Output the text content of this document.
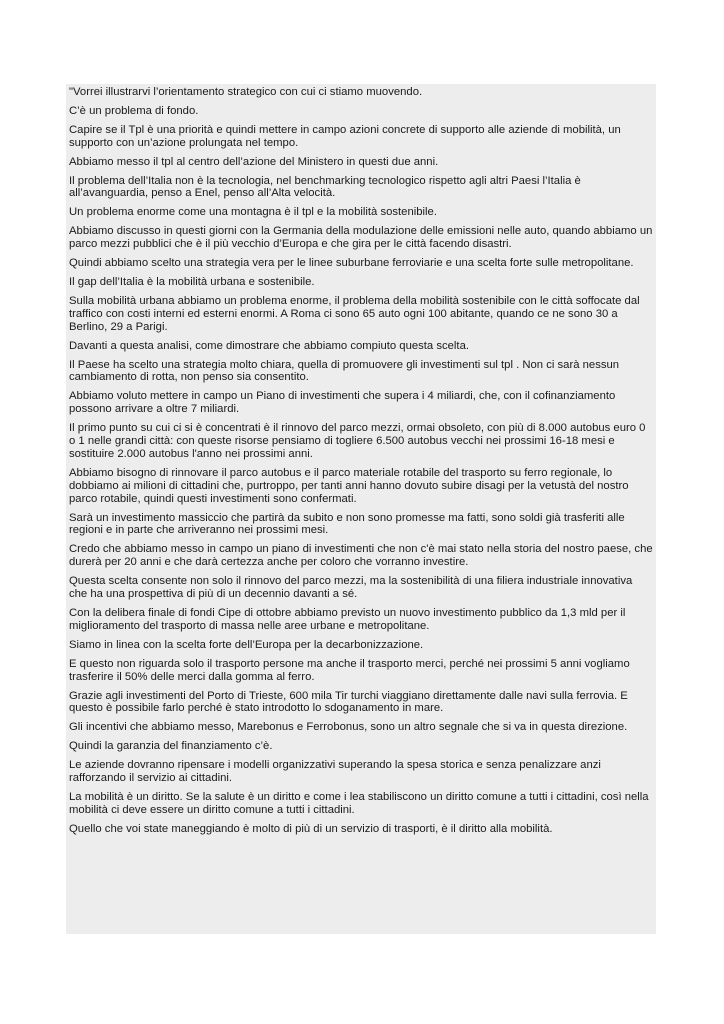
"Vorrei illustrarvi l’orientamento strategico con cui ci stiamo muovendo.

C’è un problema di fondo.

Capire se il Tpl è una priorità e quindi mettere in campo azioni concrete di supporto alle aziende di mobilità, un supporto con un’azione prolungata nel tempo.

Abbiamo messo il tpl al centro dell’azione del Ministero in questi due anni.

Il problema dell’Italia non è la tecnologia, nel benchmarking tecnologico rispetto agli altri Paesi l’Italia è all’avanguardia, penso a Enel, penso all’Alta velocità.

Un problema enorme come una montagna è il tpl e la mobilità sostenibile.

Abbiamo discusso in questi giorni con la Germania della modulazione delle emissioni nelle auto, quando abbiamo un parco mezzi pubblici che è il più vecchio d’Europa e che gira per le città facendo disastri.

Quindi abbiamo scelto una strategia vera per le linee suburbane ferroviarie e una scelta forte sulle metropolitane.

Il gap dell’Italia è la mobilità urbana e sostenibile.

Sulla mobilità urbana abbiamo un problema enorme, il problema della mobilità sostenibile con le città soffocate dal traffico con costi interni ed esterni enormi. A Roma ci sono 65 auto ogni 100 abitante, quando ce ne sono 30 a Berlino, 29 a Parigi.

Davanti a questa analisi, come dimostrare che abbiamo compiuto questa scelta.

Il Paese ha scelto una strategia molto chiara, quella di promuovere gli investimenti sul tpl . Non ci sarà nessun cambiamento di rotta, non penso sia consentito.

Abbiamo voluto mettere in campo un Piano di investimenti che supera i 4 miliardi, che, con il cofinanziamento possono arrivare a oltre 7 miliardi.

Il primo punto su cui ci si è concentrati è il rinnovo del parco mezzi, ormai obsoleto, con più di 8.000 autobus euro 0 o 1 nelle grandi città: con queste risorse pensiamo di togliere 6.500 autobus vecchi nei prossimi 16-18 mesi e sostituire 2.000 autobus l'anno nei prossimi anni.

Abbiamo bisogno di rinnovare il parco autobus e il parco materiale rotabile del trasporto su ferro regionale, lo dobbiamo ai milioni di cittadini che, purtroppo, per tanti anni hanno dovuto subire disagi per la vetustà del nostro parco rotabile, quindi questi investimenti sono confermati.

Sarà un investimento massiccio che partirà da subito e non sono promesse ma fatti, sono soldi già trasferiti alle regioni e in parte che arriveranno nei prossimi mesi.

Credo che abbiamo messo in campo un piano di investimenti che non c'è mai stato nella storia del nostro paese, che durerà per 20 anni e che darà certezza anche per coloro che vorranno investire.

Questa scelta consente non solo il rinnovo del parco mezzi, ma la sostenibilità di una filiera industriale innovativa che ha una prospettiva di più di un decennio davanti a sé.

Con la delibera finale di fondi Cipe di ottobre abbiamo previsto un nuovo investimento pubblico da 1,3 mld per il miglioramento del trasporto di massa nelle aree urbane e metropolitane.

Siamo in linea con la scelta forte dell’Europa per la decarbonizzazione.

E questo non riguarda solo il trasporto persone ma anche il trasporto merci, perché nei prossimi 5 anni vogliamo trasferire il 50% delle merci dalla gomma al ferro.

Grazie agli investimenti del Porto di Trieste, 600 mila Tir turchi viaggiano direttamente dalle navi sulla ferrovia. E questo è possibile farlo perché è stato introdotto lo sdoganamento in mare.

Gli incentivi che abbiamo messo, Marebonus e Ferrobonus, sono un altro segnale che si va in questa direzione.

Quindi la garanzia del finanziamento c’è.

Le aziende dovranno ripensare i modelli organizzativi superando la spesa storica e senza penalizzare anzi rafforzando il servizio ai cittadini.

La mobilità è un diritto. Se la salute è un diritto e come i lea stabiliscono un diritto comune a tutti i cittadini, così nella mobilità ci deve essere un diritto comune a tutti i cittadini.

Quello che voi state maneggiando è molto di più di un servizio di trasporti, è il diritto alla mobilità.
